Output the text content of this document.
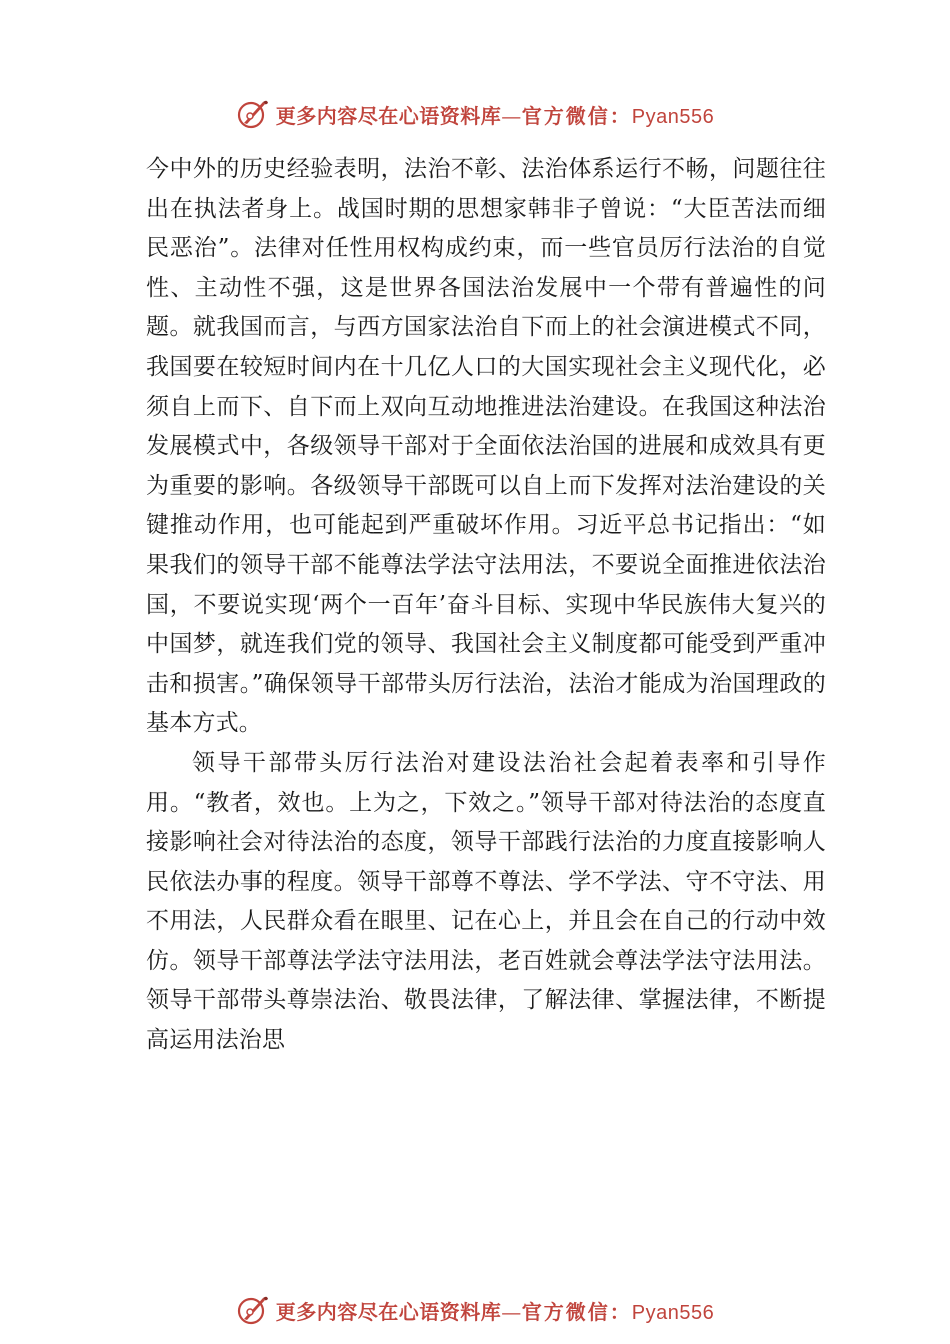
更多内容尽在心语资料库—官方微信：Pyan556

今中外的历史经验表明，法治不彰、法治体系运行不畅，问题往往出在执法者身上。战国时期的思想家韩非子曾说：“大臣苦法而细民恶治”。法律对任性用权构成约束，而一些官员厉行法治的自觉性、主动性不强，这是世界各国法治发展中一个带有普遍性的问题。就我国而言，与西方国家法治自下而上的社会演进模式不同，我国要在较短时间内在十几亿人口的大国实现社会主义现代化，必须自上而下、自下而上双向互动地推进法治建设。在我国这种法治发展模式中，各级领导干部对于全面依法治国的进展和成效具有更为重要的影响。各级领导干部既可以自上而下发挥对法治建设的关键推动作用，也可能起到严重破坏作用。习近平总书记指出：“如果我们的领导干部不能尊法学法守法用法，不要说全面推进依法治国，不要说实现‘两个一百年’奋斗目标、实现中华民族伟大复兴的中国梦，就连我们党的领导、我国社会主义制度都可能受到严重冲击和损害。”确保领导干部带头厉行法治，法治才能成为治国理政的基本方式。

领导干部带头厉行法治对建设法治社会起着表率和引导作用。“教者，效也。上为之，下效之。”领导干部对待法治的态度直接影响社会对待法治的态度，领导干部践行法治的力度直接影响人民依法办事的程度。领导干部尊不尊法、学不学法、守不守法、用不用法，人民群众看在眼里、记在心上，并且会在自己的行动中效仿。领导干部尊法学法守法用法，老百姓就会尊法学法守法用法。领导干部带头尊崇法治、敬畏法律，了解法律、掌握法律，不断提高运用法治思

更多内容尽在心语资料库—官方微信：Pyan556
